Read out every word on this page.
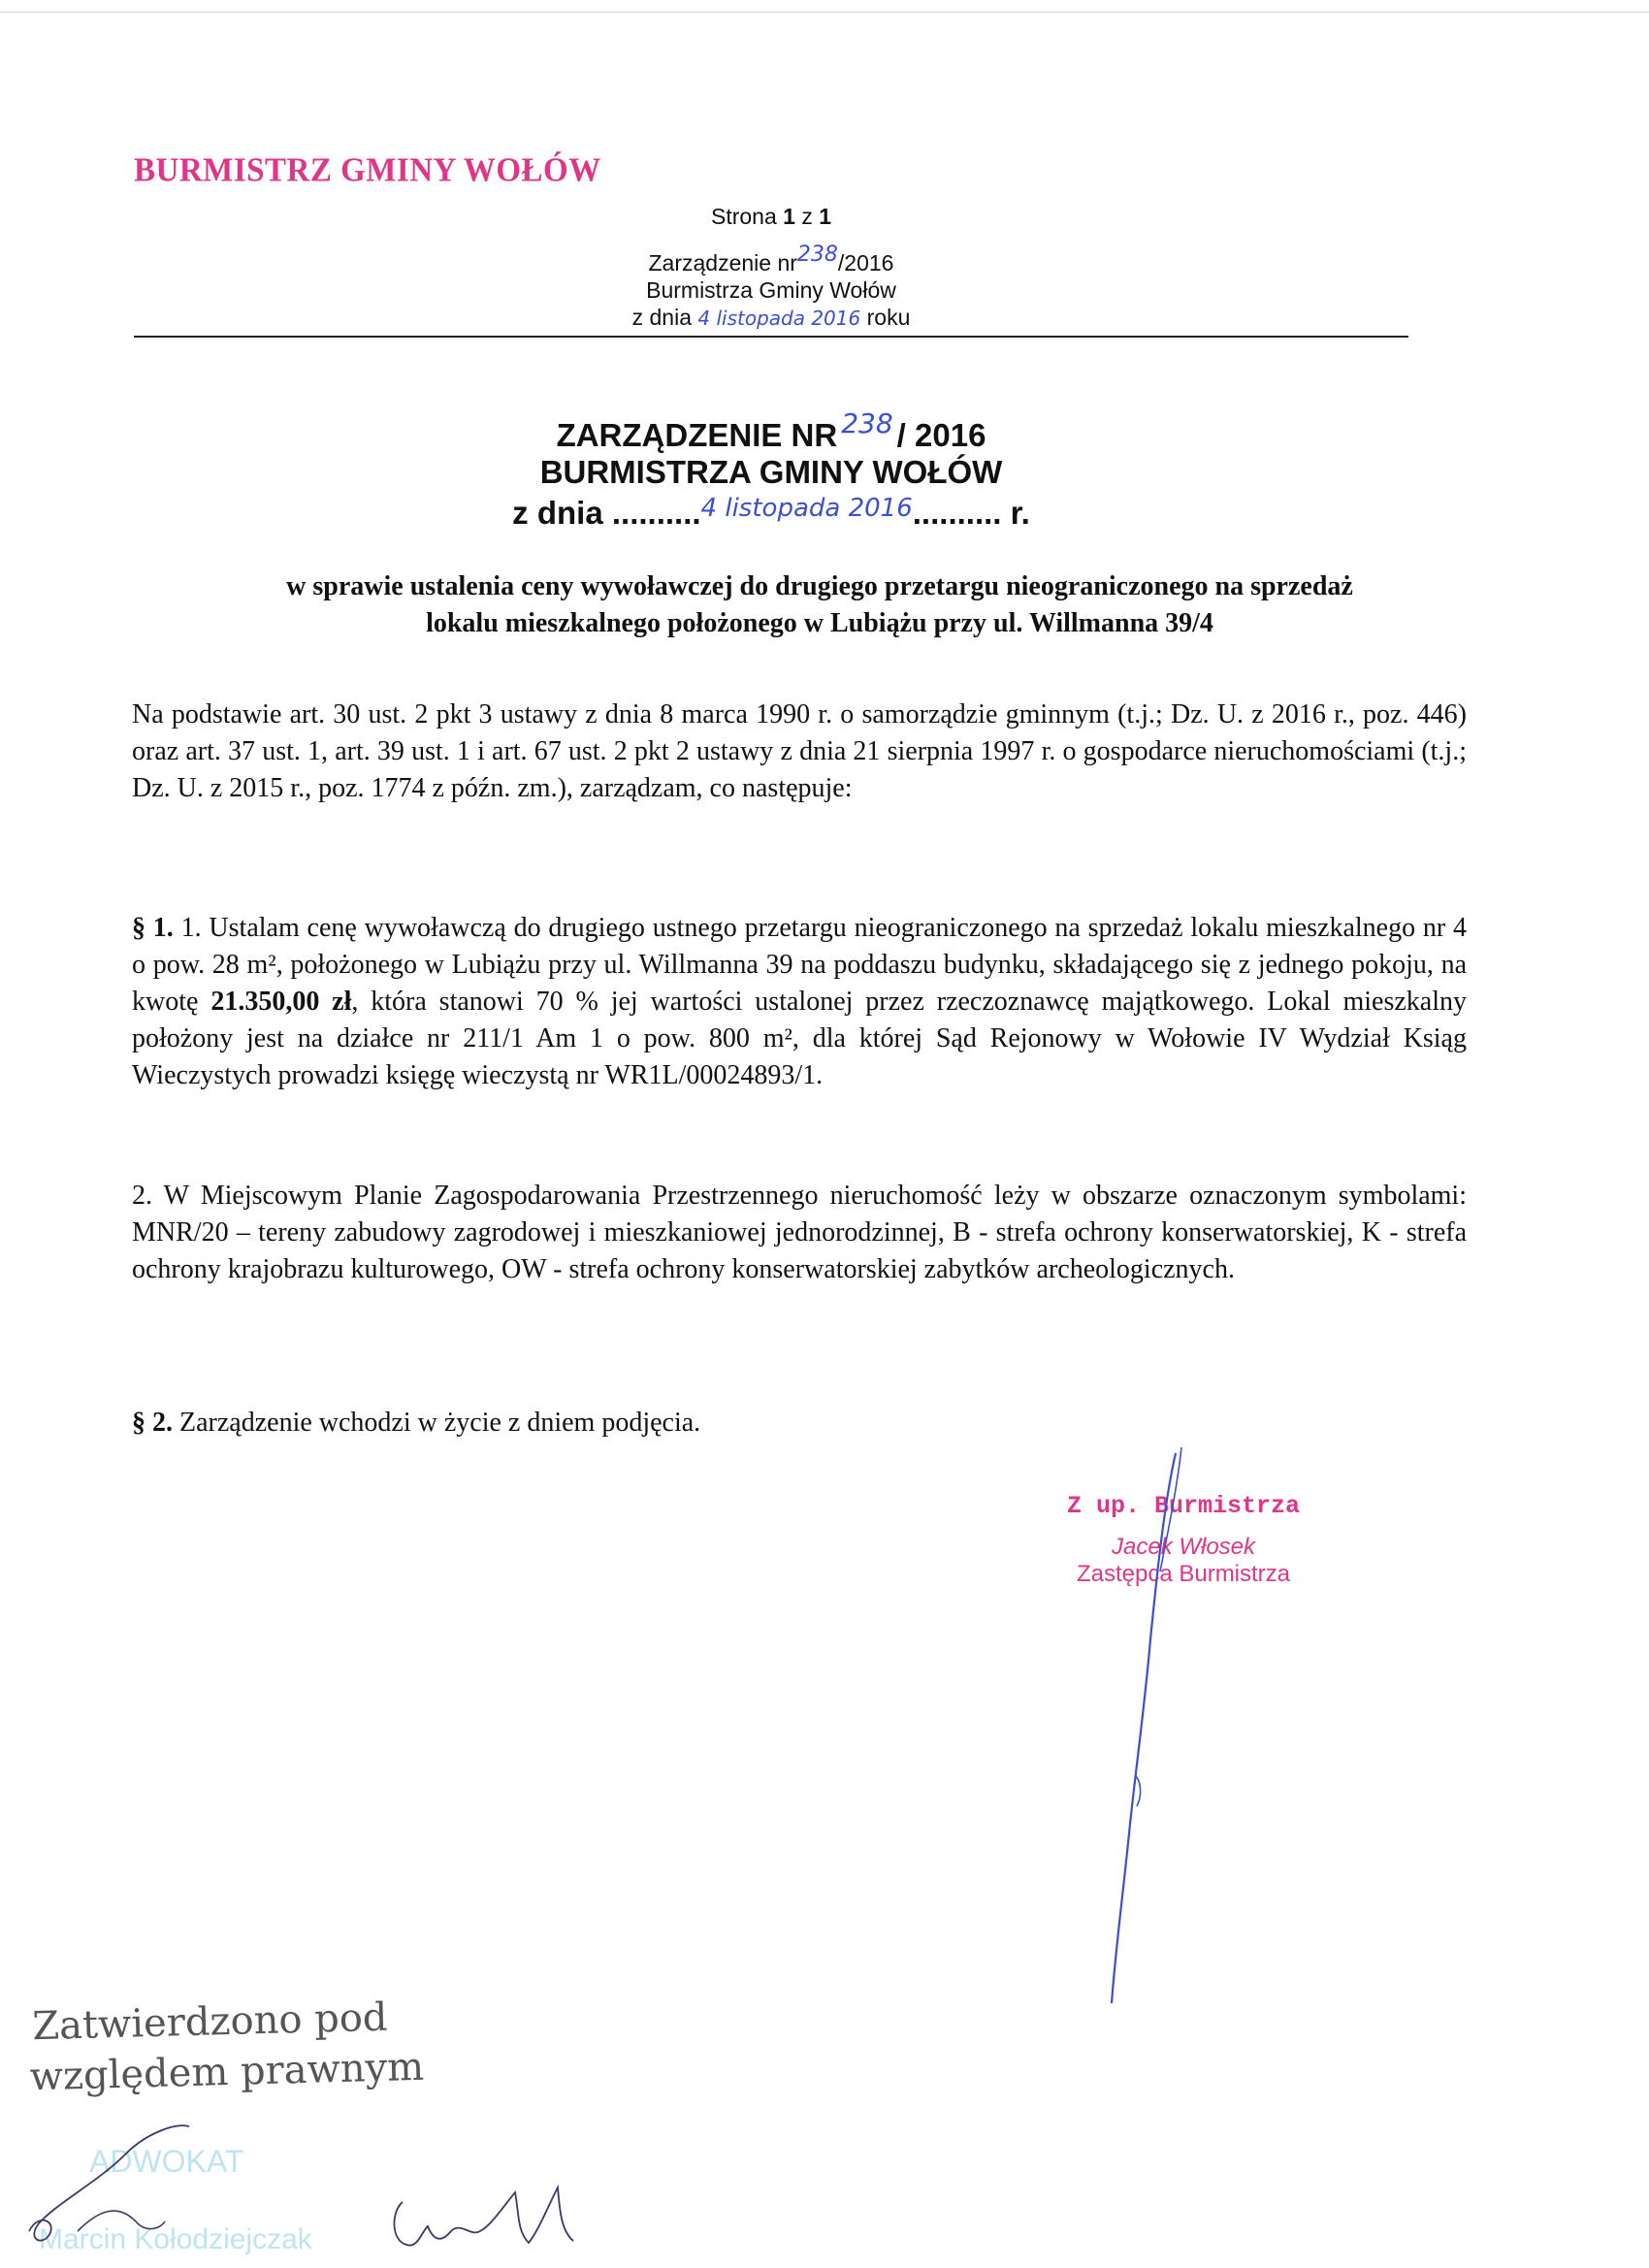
BURMISTRZ GMINY WOŁÓW
Strona 1 z 1
Zarządzenie nr238/2016
Burmistrza Gminy Wołów
z dnia 4 listopada 2016 roku
ZARZĄDZENIE NR $^{238}$ / 2016
BURMISTRZA GMINY WOŁÓW
z dnia ..........$^{4 listopada 2016}$.......... r.
w sprawie ustalenia ceny wywoławczej do drugiego przetargu nieograniczonego na sprzedaż
lokalu mieszkalnego położonego w Lubiążu przy ul. Willmanna 39/4
Na podstawie art. 30 ust. 2 pkt 3 ustawy z dnia 8 marca 1990 r. o samorządzie gminnym (t.j.; Dz. U. z 2016 r., poz. 446) oraz art. 37 ust. 1, art. 39 ust. 1 i art. 67 ust. 2 pkt 2 ustawy z dnia 21 sierpnia 1997 r. o gospodarce nieruchomościami (t.j.; Dz. U. z 2015 r., poz. 1774 z późn. zm.), zarządzam, co następuje:
§ 1. 1. Ustalam cenę wywoławczą do drugiego ustnego przetargu nieograniczonego na sprzedaż lokalu mieszkalnego nr 4 o pow. 28 m², położonego w Lubiążu przy ul. Willmanna 39 na poddaszu budynku, składającego się z jednego pokoju, na kwotę 21.350,00 zł, która stanowi 70 % jej wartości ustalonej przez rzeczoznawcę majątkowego. Lokal mieszkalny położony jest na działce nr 211/1 Am 1 o pow. 800 m², dla której Sąd Rejonowy w Wołowie IV Wydział Ksiąg Wieczystych prowadzi księgę wieczystą nr WR1L/00024893/1.
2. W Miejscowym Planie Zagospodarowania Przestrzennego nieruchomość leży w obszarze oznaczonym symbolami: MNR/20 – tereny zabudowy zagrodowej i mieszkaniowej jednorodzinnej, B - strefa ochrony konserwatorskiej, K - strefa ochrony krajobrazu kulturowego, OW - strefa ochrony konserwatorskiej zabytków archeologicznych.
§ 2. Zarządzenie wchodzi w życie z dniem podjęcia.
Z up. Burmistrza
Jacek Włosek
Zastępca Burmistrza
Zatwierdzono pod
względem prawnym
ADWOKAT
Marcin Kołodziejczak
